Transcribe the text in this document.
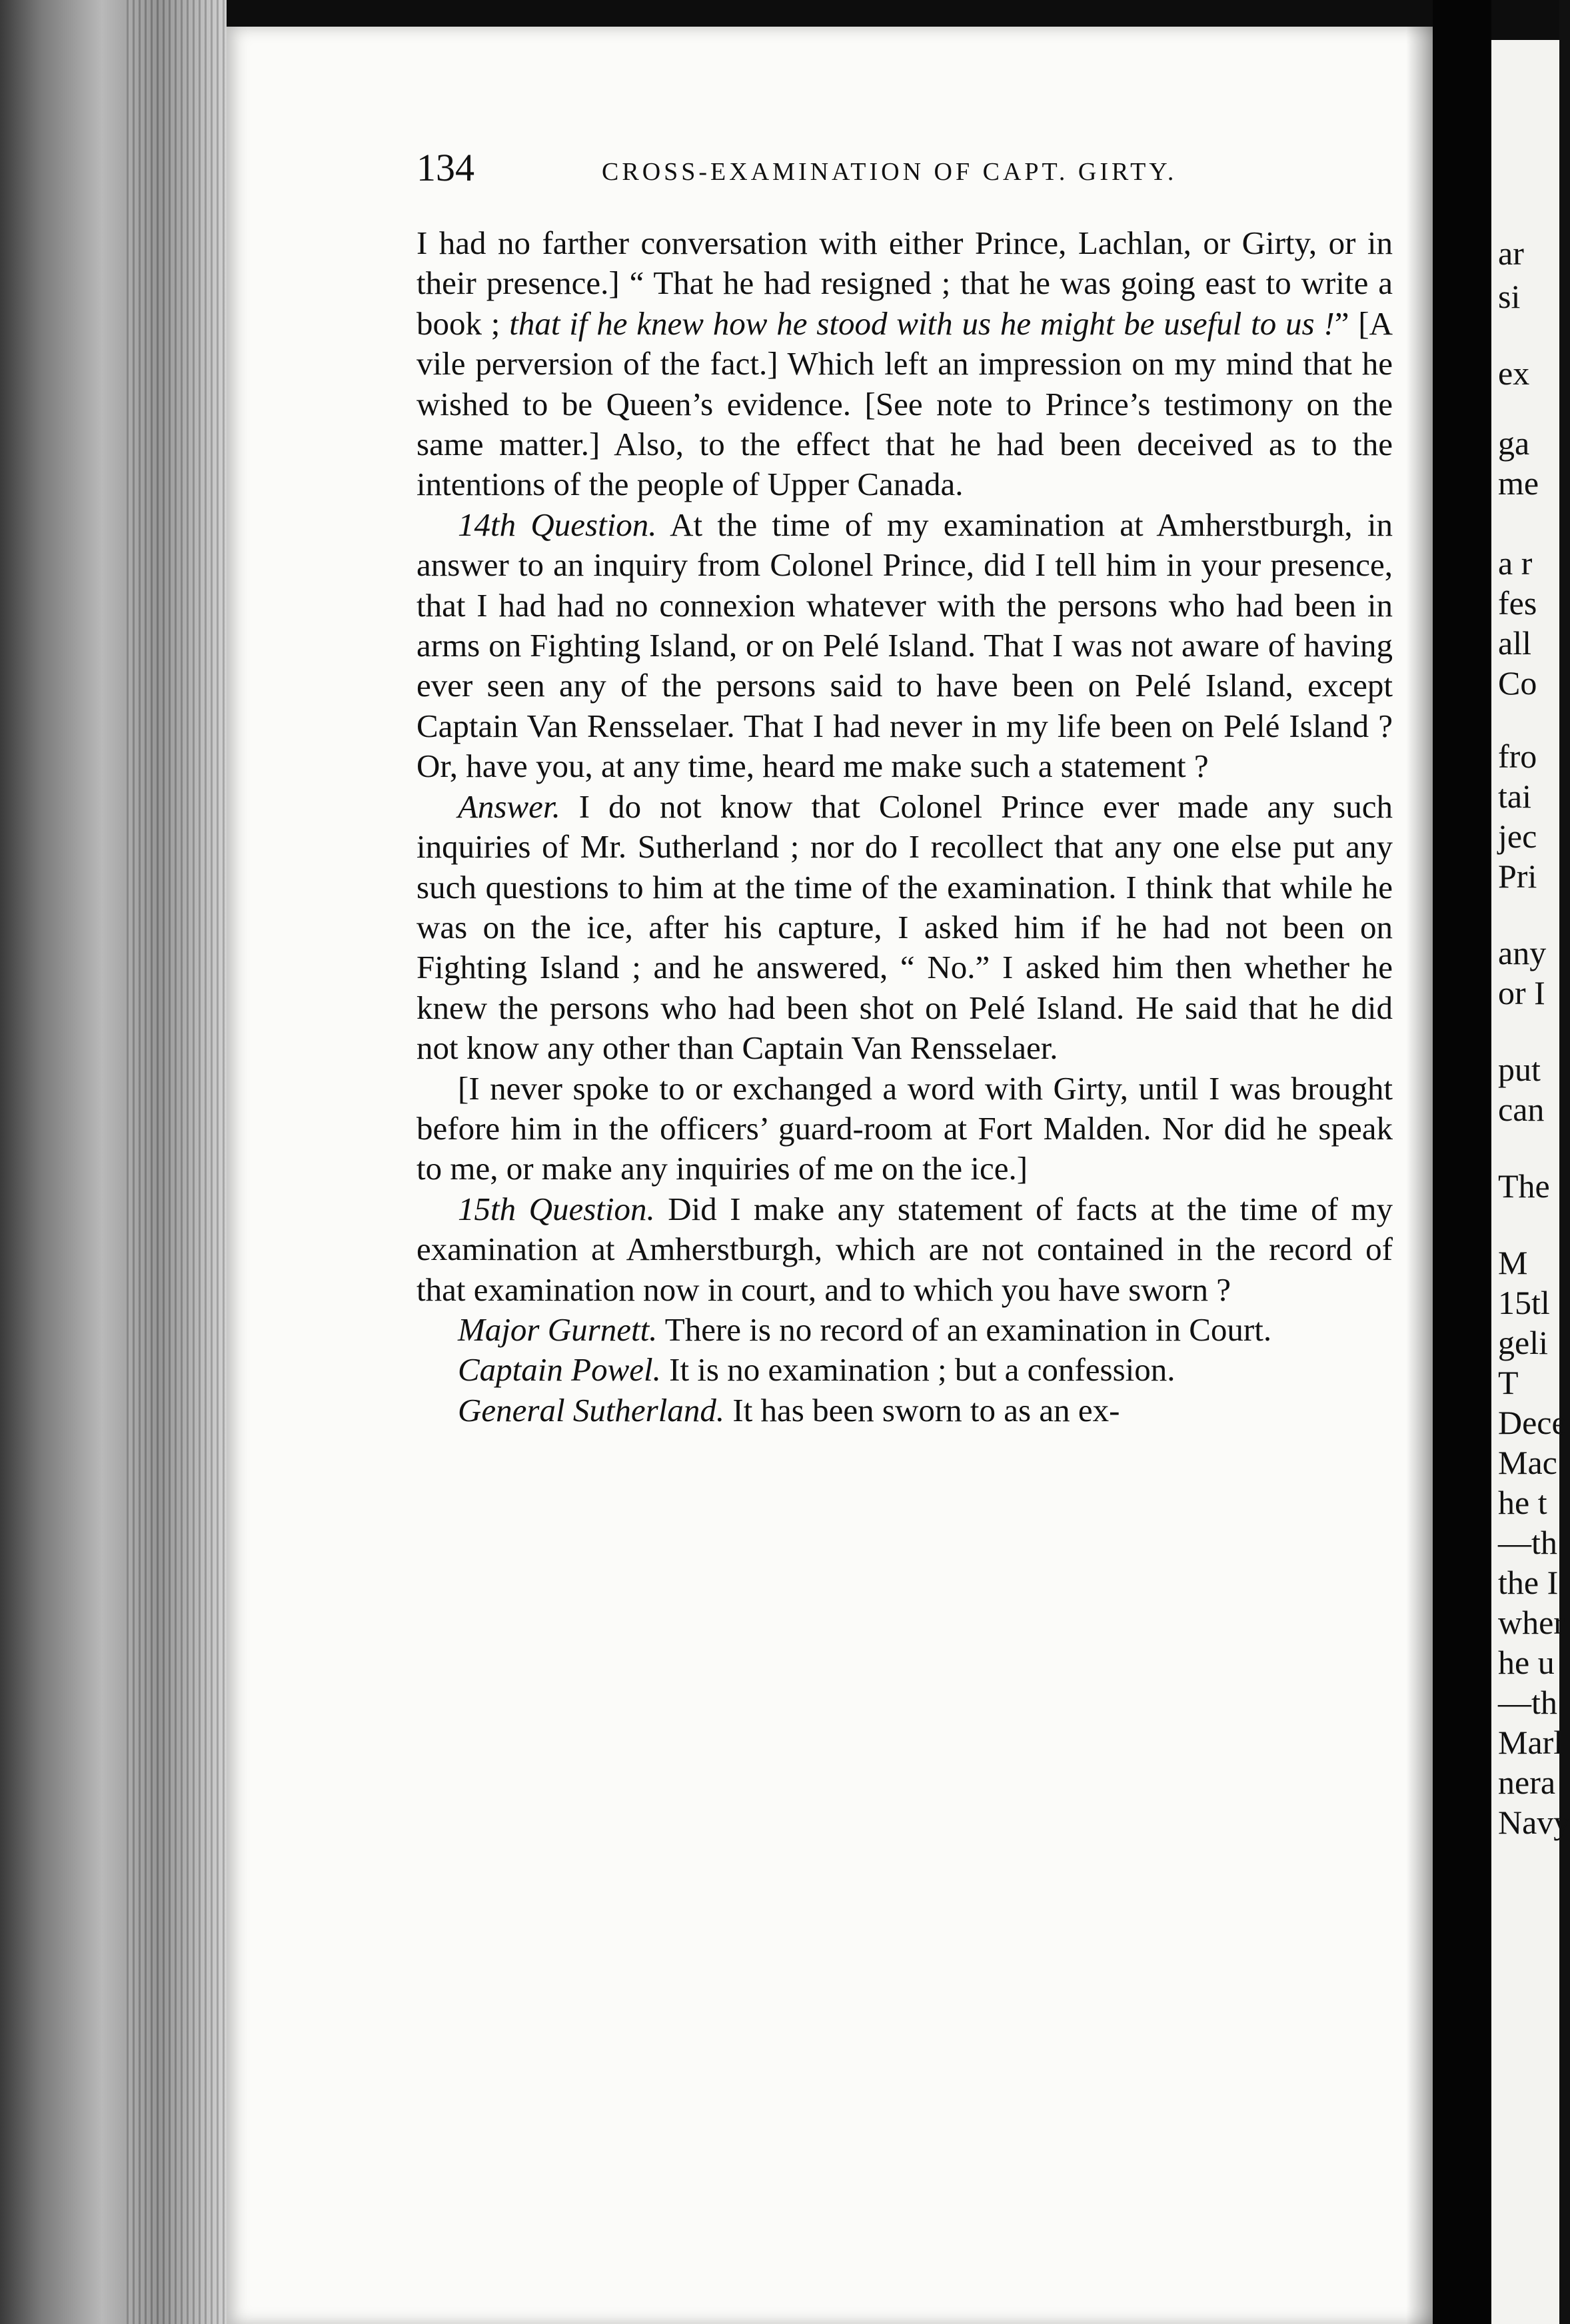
ar
si
ex
ga
me
a r
fes
all
Co
fro
tai
jec
Pri
any
or I
put
can
The
M
15tl
geli
T
Dece
Mac
he t
—th
the I
wher
he u
—th
Marl
nera
Navy
134	CROSS-EXAMINATION OF CAPT. GIRTY.

I had no farther conversation with either Prince, Lachlan, or Girty, or in their presence.] “ That he had resigned ; that he was going east to write a book ; that if he knew how he stood with us he might be useful to us !” [A vile perversion of the fact.] Which left an impression on my mind that he wished to be Queen’s evidence. [See note to Prince’s testimony on the same matter.] Also, to the effect that he had been deceived as to the intentions of the people of Upper Canada.

14th Question. At the time of my examination at Amherstburgh, in answer to an inquiry from Colonel Prince, did I tell him in your presence, that I had had no connexion whatever with the persons who had been in arms on Fighting Island, or on Pelé Island. That I was not aware of having ever seen any of the persons said to have been on Pelé Island, except Captain Van Rensselaer. That I had never in my life been on Pelé Island ? Or, have you, at any time, heard me make such a statement ?

Answer. I do not know that Colonel Prince ever made any such inquiries of Mr. Sutherland ; nor do I recollect that any one else put any such questions to him at the time of the examination. I think that while he was on the ice, after his capture, I asked him if he had not been on Fighting Island ; and he answered, “ No.” I asked him then whether he knew the persons who had been shot on Pelé Island. He said that he did not know any other than Captain Van Rensselaer.

[I never spoke to or exchanged a word with Girty, until I was brought before him in the officers’ guard-room at Fort Malden. Nor did he speak to me, or make any inquiries of me on the ice.]

15th Question. Did I make any statement of facts at the time of my examination at Amherstburgh, which are not contained in the record of that examination now in court, and to which you have sworn ?

Major Gurnett. There is no record of an examination in Court.

Captain Powel. It is no examination ; but a confession.

General Sutherland. It has been sworn to as an ex-
